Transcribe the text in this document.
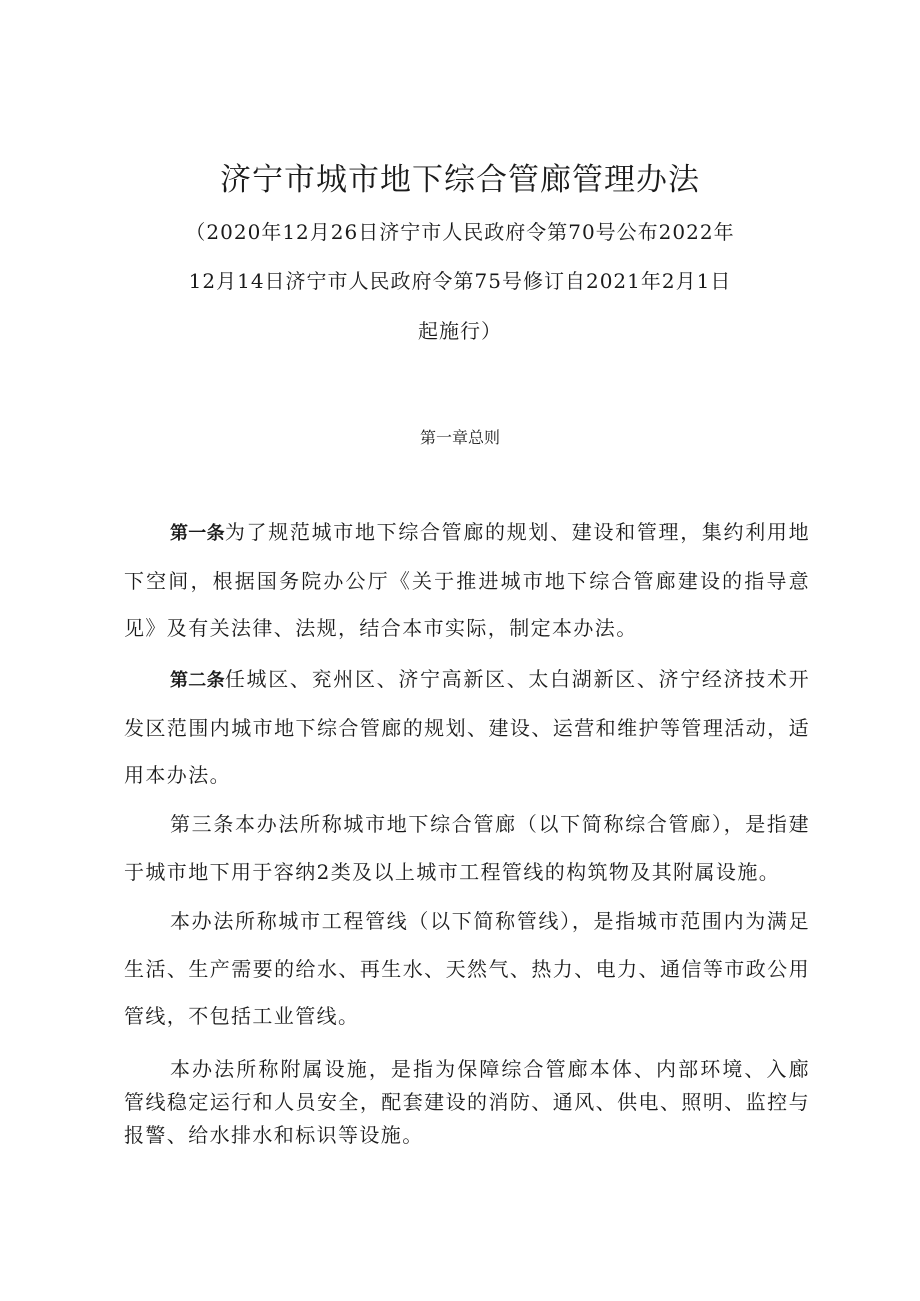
济宁市城市地下综合管廊管理办法

（2020年12月26日济宁市人民政府令第70号公布2022年

12月14日济宁市人民政府令第75号修订自2021年2月1日

起施行）

第一章总则

第一条为了规范城市地下综合管廊的规划、建设和管理，集约利用地下空间，根据国务院办公厅《关于推进城市地下综合管廊建设的指导意见》及有关法律、法规，结合本市实际，制定本办法。

第二条任城区、兖州区、济宁高新区、太白湖新区、济宁经济技术开发区范围内城市地下综合管廊的规划、建设、运营和维护等管理活动，适用本办法。

第三条本办法所称城市地下综合管廊（以下简称综合管廊），是指建于城市地下用于容纳2类及以上城市工程管线的构筑物及其附属设施。

本办法所称城市工程管线（以下简称管线），是指城市范围内为满足生活、生产需要的给水、再生水、天然气、热力、电力、通信等市政公用管线，不包括工业管线。

本办法所称附属设施，是指为保障综合管廊本体、内部环境、入廊管线稳定运行和人员安全，配套建设的消防、通风、供电、照明、监控与报警、给水排水和标识等设施。
